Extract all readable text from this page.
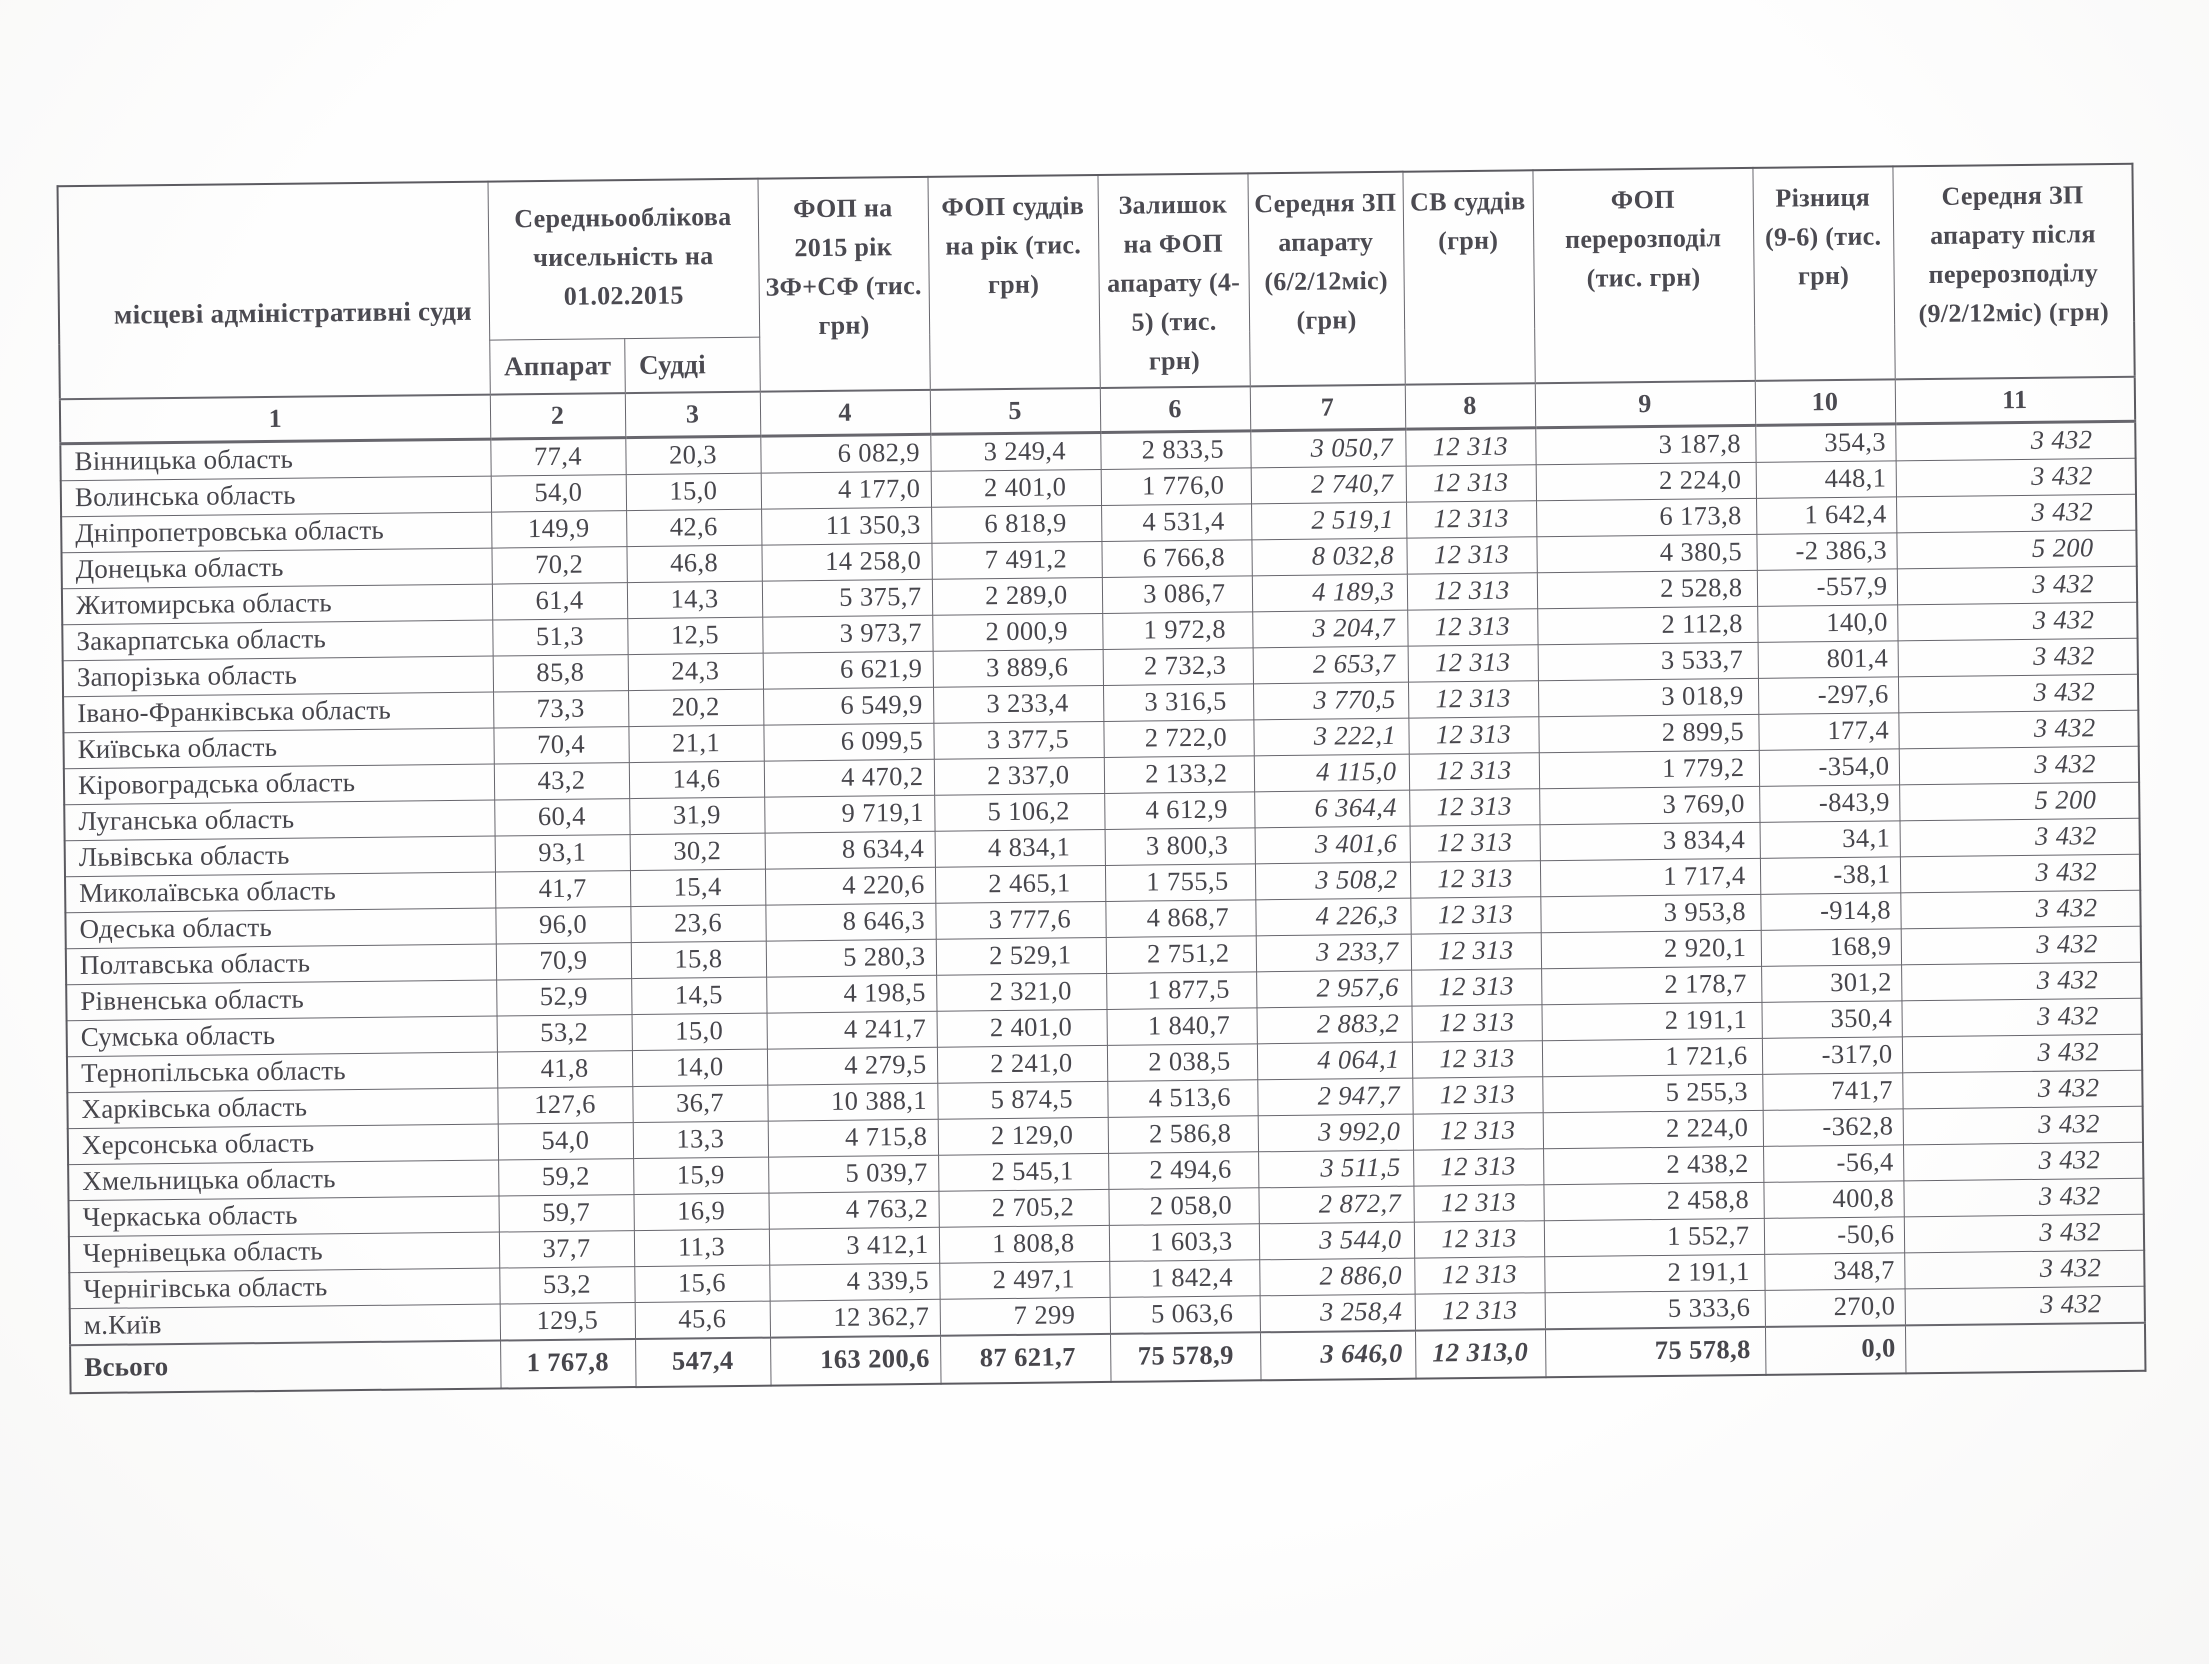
місцеві адміністративні суди	Середньооблікова чисельність на 01.02.2015		ФОП на 2015 рік ЗФ+СФ (тис. грн)	ФОП суддів на рік (тис. грн)	Залишок на ФОП апарату (4-5) (тис. грн)	Середня ЗП апарату (6/2/12міс) (грн)	СВ суддів (грн)	ФОП перерозподіл (тис. грн)	Різниця (9-6) (тис. грн)	Середня ЗП апарату після перерозподілу (9/2/12міс) (грн)
	Аппарат	Судді								
1	2	3	4	5	6	7	8	9	10	11
Вінницька область	77,4	20,3	6 082,9	3 249,4	2 833,5	3 050,7	12 313	3 187,8	354,3	3 432
Волинська область	54,0	15,0	4 177,0	2 401,0	1 776,0	2 740,7	12 313	2 224,0	448,1	3 432
Дніпропетровська область	149,9	42,6	11 350,3	6 818,9	4 531,4	2 519,1	12 313	6 173,8	1 642,4	3 432
Донецька область	70,2	46,8	14 258,0	7 491,2	6 766,8	8 032,8	12 313	4 380,5	-2 386,3	5 200
Житомирська область	61,4	14,3	5 375,7	2 289,0	3 086,7	4 189,3	12 313	2 528,8	-557,9	3 432
Закарпатська область	51,3	12,5	3 973,7	2 000,9	1 972,8	3 204,7	12 313	2 112,8	140,0	3 432
Запорізька область	85,8	24,3	6 621,9	3 889,6	2 732,3	2 653,7	12 313	3 533,7	801,4	3 432
Івано-Франківська область	73,3	20,2	6 549,9	3 233,4	3 316,5	3 770,5	12 313	3 018,9	-297,6	3 432
Київська область	70,4	21,1	6 099,5	3 377,5	2 722,0	3 222,1	12 313	2 899,5	177,4	3 432
Кіровоградська область	43,2	14,6	4 470,2	2 337,0	2 133,2	4 115,0	12 313	1 779,2	-354,0	3 432
Луганська область	60,4	31,9	9 719,1	5 106,2	4 612,9	6 364,4	12 313	3 769,0	-843,9	5 200
Львівська область	93,1	30,2	8 634,4	4 834,1	3 800,3	3 401,6	12 313	3 834,4	34,1	3 432
Миколаївська область	41,7	15,4	4 220,6	2 465,1	1 755,5	3 508,2	12 313	1 717,4	-38,1	3 432
Одеська область	96,0	23,6	8 646,3	3 777,6	4 868,7	4 226,3	12 313	3 953,8	-914,8	3 432
Полтавська область	70,9	15,8	5 280,3	2 529,1	2 751,2	3 233,7	12 313	2 920,1	168,9	3 432
Рівненська область	52,9	14,5	4 198,5	2 321,0	1 877,5	2 957,6	12 313	2 178,7	301,2	3 432
Сумська область	53,2	15,0	4 241,7	2 401,0	1 840,7	2 883,2	12 313	2 191,1	350,4	3 432
Тернопільська область	41,8	14,0	4 279,5	2 241,0	2 038,5	4 064,1	12 313	1 721,6	-317,0	3 432
Харківська область	127,6	36,7	10 388,1	5 874,5	4 513,6	2 947,7	12 313	5 255,3	741,7	3 432
Херсонська область	54,0	13,3	4 715,8	2 129,0	2 586,8	3 992,0	12 313	2 224,0	-362,8	3 432
Хмельницька область	59,2	15,9	5 039,7	2 545,1	2 494,6	3 511,5	12 313	2 438,2	-56,4	3 432
Черкаська область	59,7	16,9	4 763,2	2 705,2	2 058,0	2 872,7	12 313	2 458,8	400,8	3 432
Чернівецька область	37,7	11,3	3 412,1	1 808,8	1 603,3	3 544,0	12 313	1 552,7	-50,6	3 432
Чернігівська область	53,2	15,6	4 339,5	2 497,1	1 842,4	2 886,0	12 313	2 191,1	348,7	3 432
м.Київ	129,5	45,6	12 362,7	7 299	5 063,6	3 258,4	12 313	5 333,6	270,0	3 432
Всього	1 767,8	547,4	163 200,6	87 621,7	75 578,9	3 646,0	12 313,0	75 578,8	0,0	
